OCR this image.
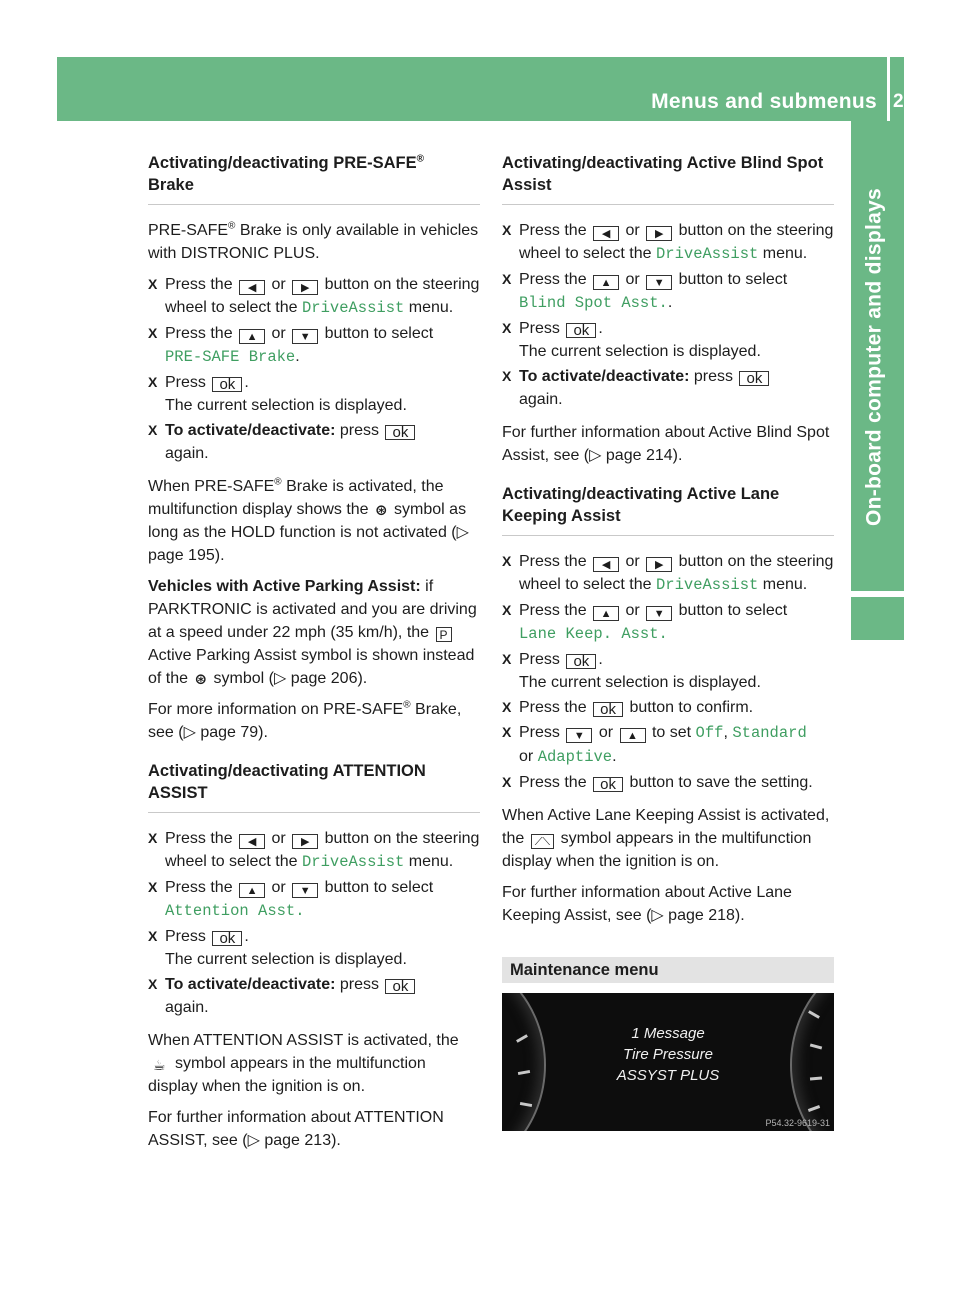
Menus and submenus 231
On-board computer and displays
Activating/deactivating PRE-SAFE®
Brake

PRE-SAFE® Brake is only available in vehicles with DISTRONIC PLUS.

X Press the ◀ or ▶ button on the steering wheel to select the DriveAssist menu.
X Press the ▲ or ▼ button to select
PRE-SAFE Brake.
X Press ok .
The current selection is displayed.
X To activate/deactivate: press ok
again.

When PRE-SAFE® Brake is activated, the multifunction display shows the ⊛ symbol as long as the HOLD function is not activated (▷ page 195).

Vehicles with Active Parking Assist: if PARKTRONIC is activated and you are driving at a speed under 22 mph (35 km/h), the P Active Parking Assist symbol is shown instead of the ⊛ symbol (▷ page 206).

For more information on PRE-SAFE® Brake, see (▷ page 79).

Activating/deactivating ATTENTION ASSIST
X Press the ◀ or ▶ button on the steering wheel to select the DriveAssist menu.
X Press the ▲ or ▼ button to select
Attention Asst.
X Press ok .
The current selection is displayed.
X To activate/deactivate: press ok
again.

When ATTENTION ASSIST is activated, the
☕ symbol appears in the multifunction display when the ignition is on.

For further information about ATTENTION ASSIST, see (▷ page 213).

Activating/deactivating Active Blind Spot Assist
X Press the ◀ or ▶ button on the steering wheel to select the DriveAssist menu.
X Press the ▲ or ▼ button to select
Blind Spot Asst..
X Press ok .
The current selection is displayed.
X To activate/deactivate: press ok
again.

For further information about Active Blind Spot Assist, see (▷ page 214).

Activating/deactivating Active Lane Keeping Assist
X Press the ◀ or ▶ button on the steering wheel to select the DriveAssist menu.
X Press the ▲ or ▼ button to select
Lane Keep. Asst.
X Press ok .
The current selection is displayed.
X Press the ok button to confirm.
X Press ▼ or ▲ to set Off, Standard
or Adaptive.
X Press the ok button to save the setting.

When Active Lane Keeping Assist is activated, the ⟋⟍ symbol appears in the multifunction display when the ignition is on.

For further information about Active Lane Keeping Assist, see (▷ page 218).

Maintenance menu
1 Message
Tire Pressure
ASSYST PLUS
P54.32-9619-31
